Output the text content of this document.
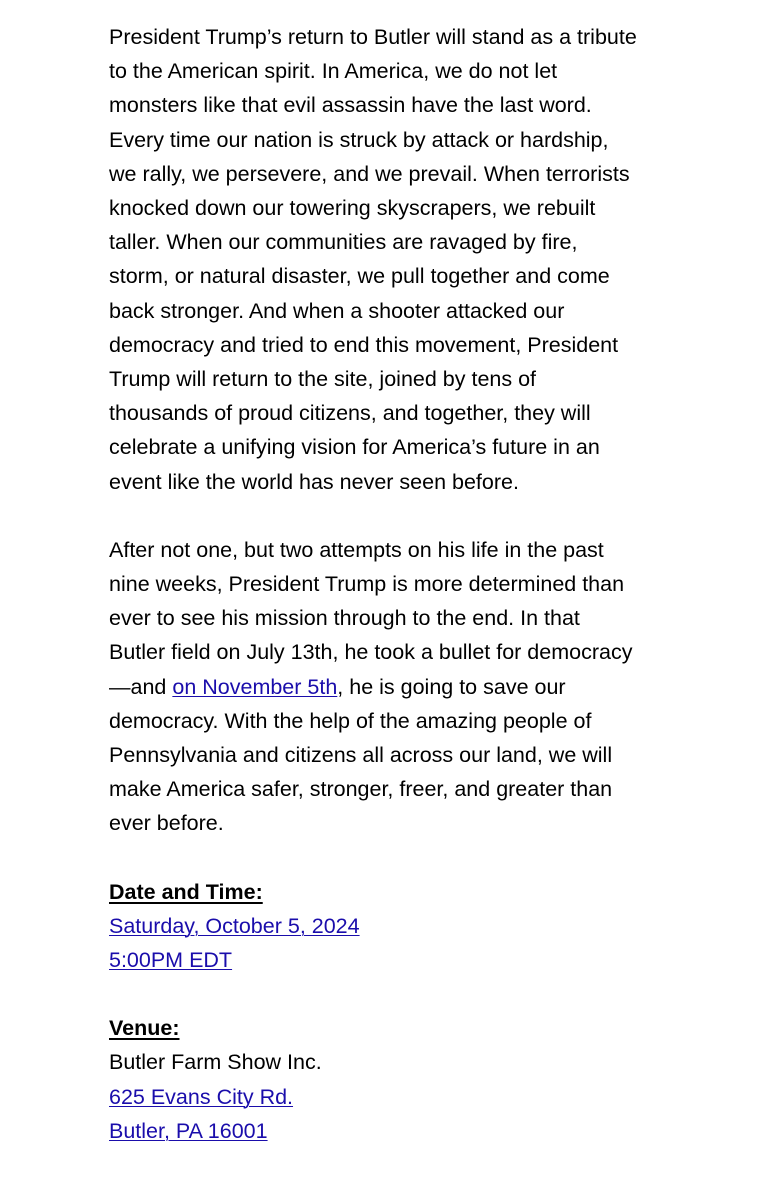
President Trump’s return to Butler will stand as a tribute to the American spirit. In America, we do not let monsters like that evil assassin have the last word. Every time our nation is struck by attack or hardship, we rally, we persevere, and we prevail. When terrorists knocked down our towering skyscrapers, we rebuilt taller. When our communities are ravaged by fire, storm, or natural disaster, we pull together and come back stronger. And when a shooter attacked our democracy and tried to end this movement, President Trump will return to the site, joined by tens of thousands of proud citizens, and together, they will celebrate a unifying vision for America’s future in an event like the world has never seen before.

After not one, but two attempts on his life in the past nine weeks, President Trump is more determined than ever to see his mission through to the end. In that Butler field on July 13th, he took a bullet for democracy—and on November 5th, he is going to save our democracy. With the help of the amazing people of Pennsylvania and citizens all across our land, we will make America safer, stronger, freer, and greater than ever before.

Date and Time:
Saturday, October 5, 2024
5:00PM EDT
Venue:
Butler Farm Show Inc.
625 Evans City Rd.
Butler, PA 16001
